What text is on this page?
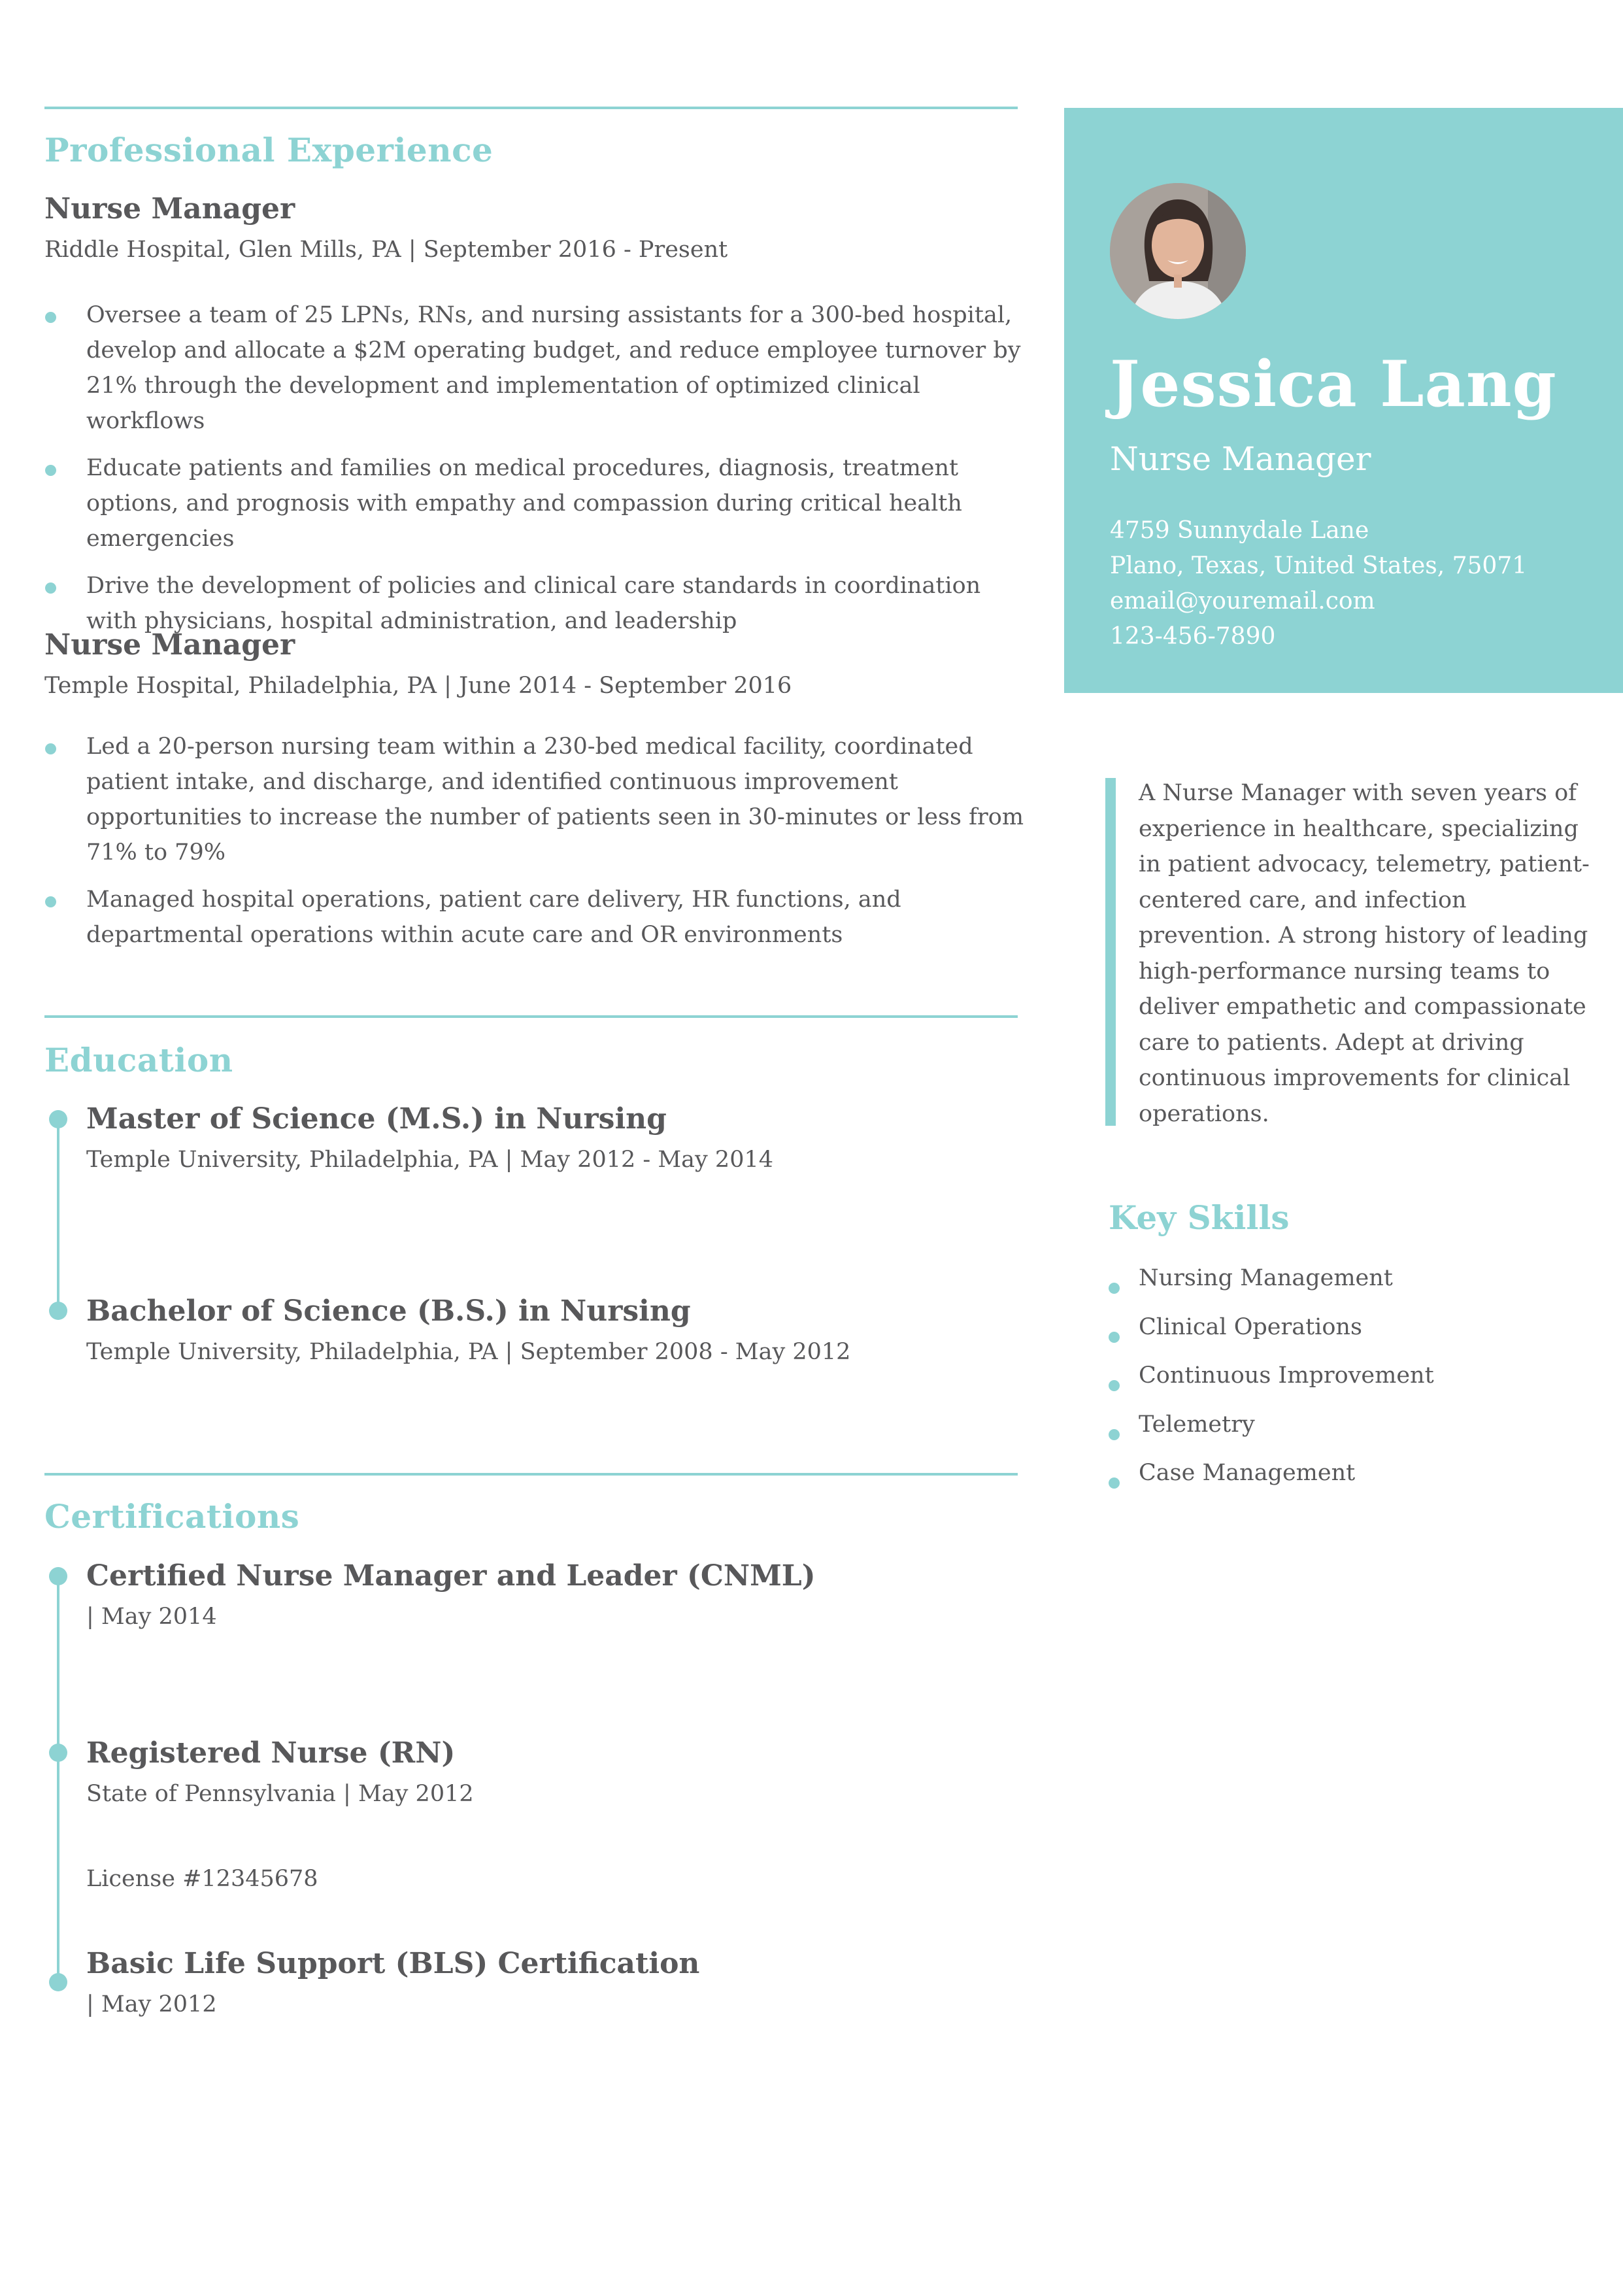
Professional Experience
Nurse Manager
Riddle Hospital, Glen Mills, PA | September 2016 - Present
Oversee a team of 25 LPNs, RNs, and nursing assistants for a 300-bed hospital, develop and allocate a $2M operating budget, and reduce employee turnover by 21% through the development and implementation of optimized clinical workflows
Educate patients and families on medical procedures, diagnosis, treatment options, and prognosis with empathy and compassion during critical health emergencies
Drive the development of policies and clinical care standards in coordination with physicians, hospital administration, and leadership
Nurse Manager
Temple Hospital, Philadelphia, PA | June 2014 - September 2016
Led a 20-person nursing team within a 230-bed medical facility, coordinated patient intake, and discharge, and identified continuous improvement opportunities to increase the number of patients seen in 30-minutes or less from 71% to 79%
Managed hospital operations, patient care delivery, HR functions, and departmental operations within acute care and OR environments
Education
Master of Science (M.S.) in Nursing
Temple University, Philadelphia, PA | May 2012 - May 2014
Bachelor of Science (B.S.) in Nursing
Temple University, Philadelphia, PA | September 2008 - May 2012
Certifications
Certified Nurse Manager and Leader (CNML)
| May 2014
Registered Nurse (RN)
State of Pennsylvania | May 2012
License #12345678
Basic Life Support (BLS) Certification
| May 2012
Jessica Lang
Nurse Manager
4759 Sunnydale Lane
Plano, Texas, United States, 75071
email@youremail.com
123-456-7890

A Nurse Manager with seven years of experience in healthcare, specializing in patient advocacy, telemetry, patient-centered care, and infection prevention. A strong history of leading high-performance nursing teams to deliver empathetic and compassionate care to patients. Adept at driving continuous improvements for clinical operations.

Key Skills
Nursing Management
Clinical Operations
Continuous Improvement
Telemetry
Case Management
